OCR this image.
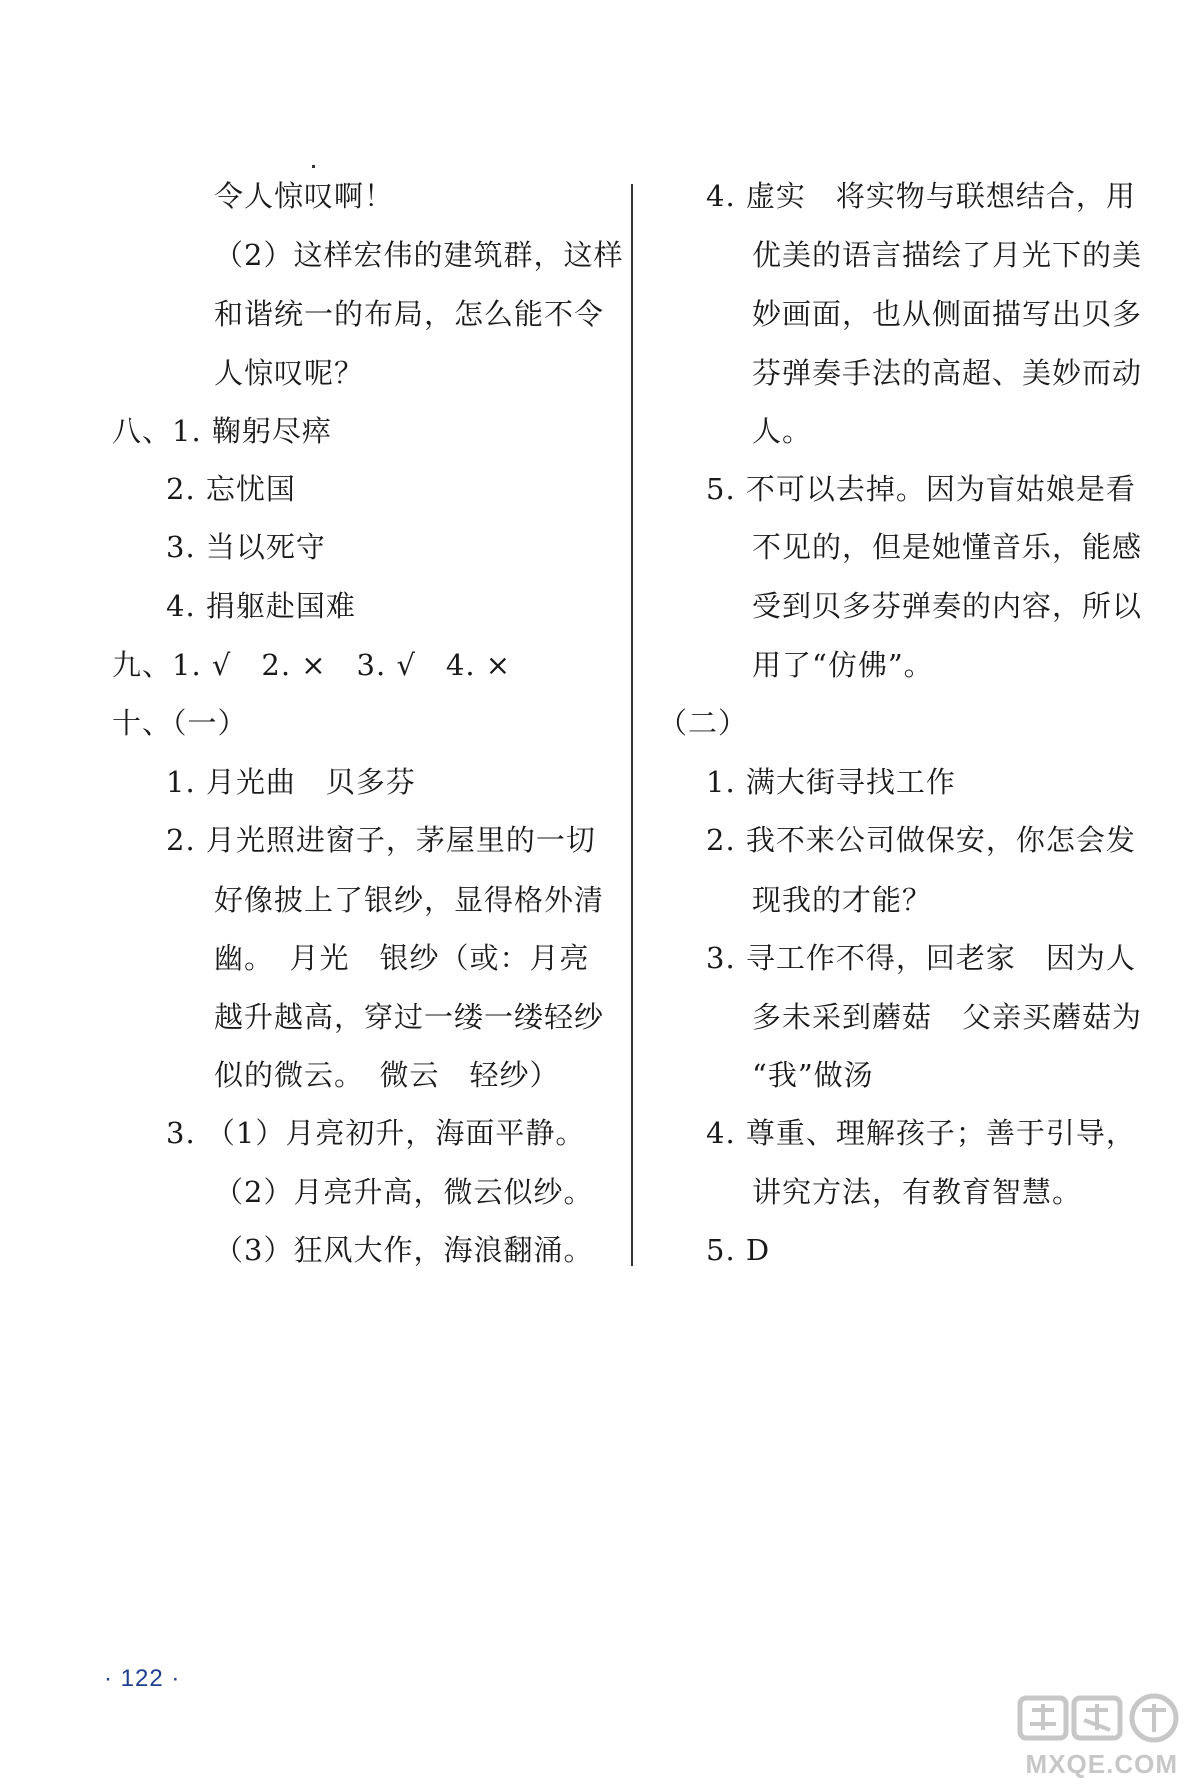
令人惊叹啊！
（2）这样宏伟的建筑群，这样
和谐统一的布局，怎么能不令
人惊叹呢？
八、1. 鞠躬尽瘁
2. 忘忧国
3. 当以死守
4. 捐躯赴国难
九、1. √　2. ×　3. √　4. ×
十、（一）
1. 月光曲　贝多芬
2. 月光照进窗子，茅屋里的一切
好像披上了银纱，显得格外清
幽。　月光　银纱（或：月亮
越升越高，穿过一缕一缕轻纱
似的微云。　微云　轻纱）
3. （1）月亮初升，海面平静。
（2）月亮升高，微云似纱。
（3）狂风大作，海浪翻涌。
4. 虚实　将实物与联想结合，用
优美的语言描绘了月光下的美
妙画面，也从侧面描写出贝多
芬弹奏手法的高超、美妙而动
人。
5. 不可以去掉。因为盲姑娘是看
不见的，但是她懂音乐，能感
受到贝多芬弹奏的内容，所以
用了“仿佛”。
（二）
1. 满大街寻找工作
2. 我不来公司做保安，你怎会发
现我的才能？
3. 寻工作不得，回老家　因为人
多未采到蘑菇　父亲买蘑菇为
“我”做汤
4. 尊重、理解孩子；善于引导，
讲究方法，有教育智慧。
5. D
· 122 ·
MXQE.COM
